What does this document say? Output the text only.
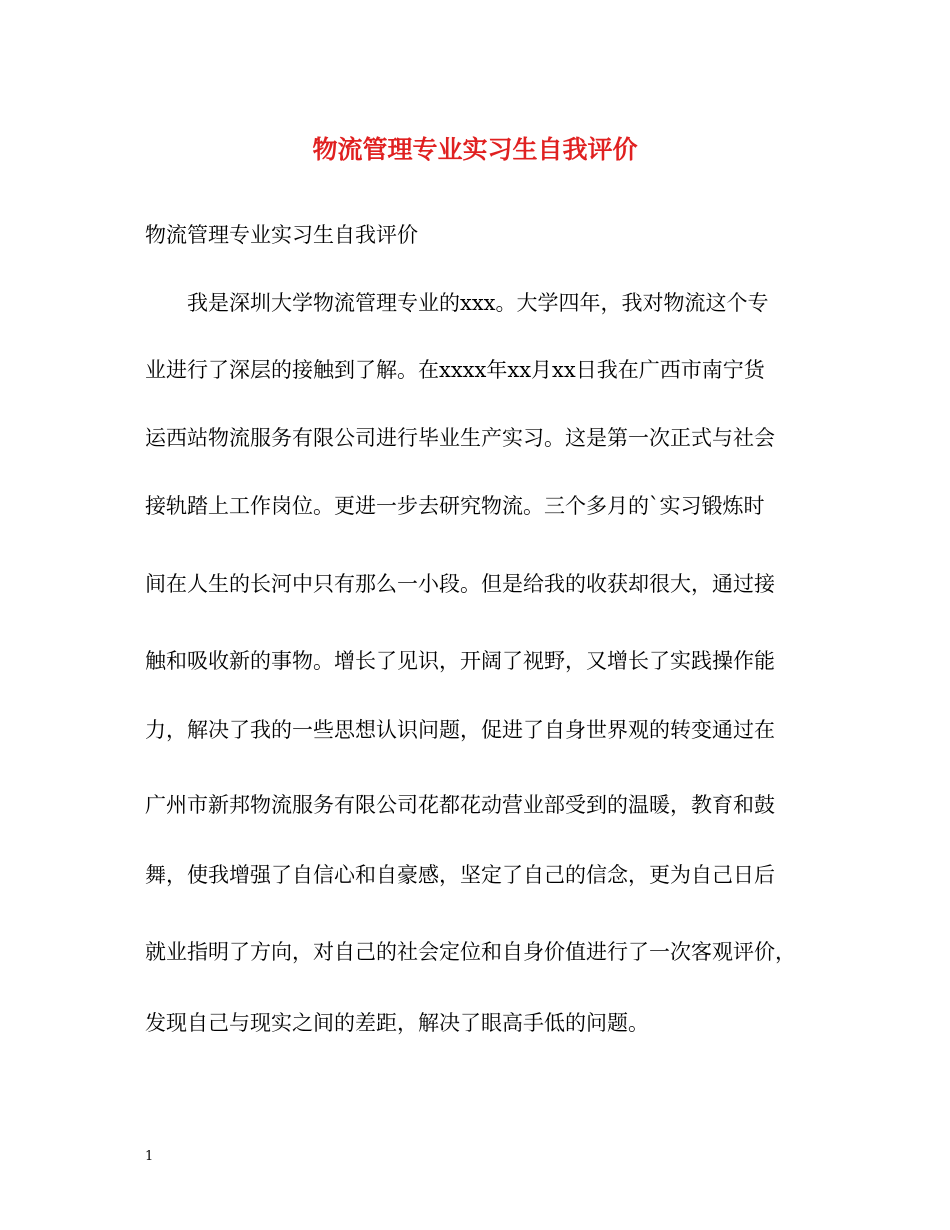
物流管理专业实习生自我评价
物流管理专业实习生自我评价
　　我是深圳大学物流管理专业的xxx。大学四年，我对物流这个专
业进行了深层的接触到了解。在xxxx年xx月xx日我在广西市南宁货
运西站物流服务有限公司进行毕业生产实习。这是第一次正式与社会
接轨踏上工作岗位。更进一步去研究物流。三个多月的`实习锻炼时
间在人生的长河中只有那么一小段。但是给我的收获却很大，通过接
触和吸收新的事物。增长了见识，开阔了视野，又增长了实践操作能
力，解决了我的一些思想认识问题，促进了自身世界观的转变通过在
广州市新邦物流服务有限公司花都花动营业部受到的温暖，教育和鼓
舞，使我增强了自信心和自豪感，坚定了自己的信念，更为自己日后
就业指明了方向，对自己的社会定位和自身价值进行了一次客观评价，
发现自己与现实之间的差距，解决了眼高手低的问题。
1
